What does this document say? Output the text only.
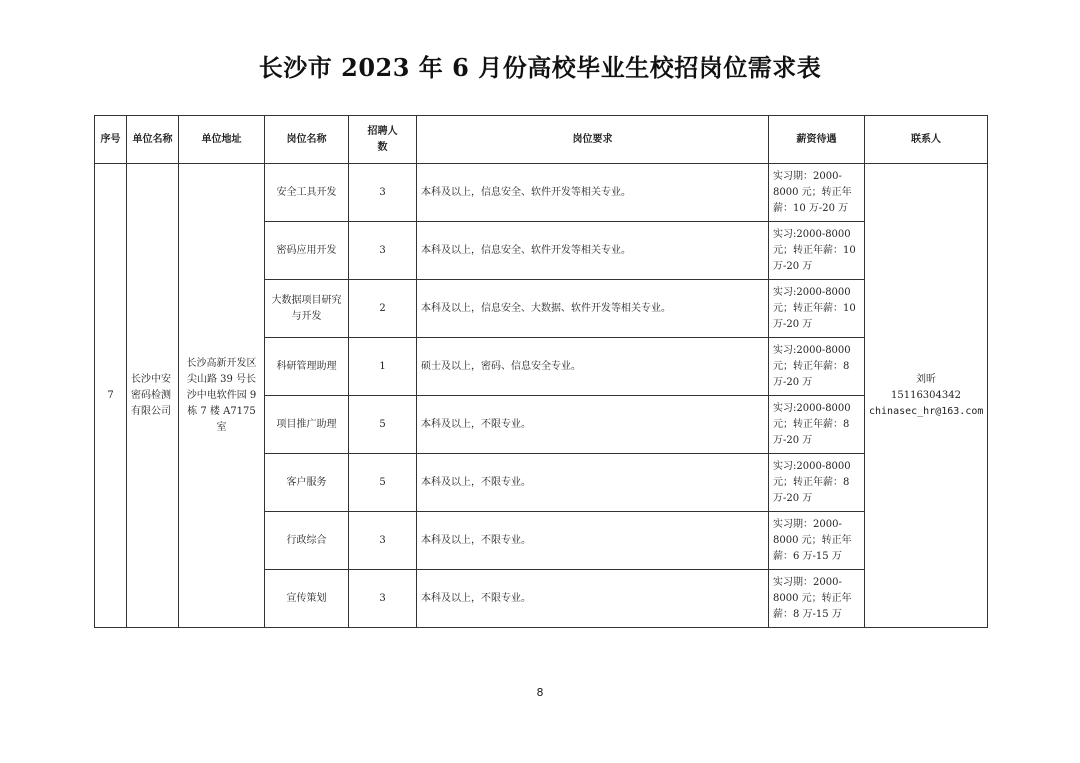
长沙市 2023 年 6 月份高校毕业生校招岗位需求表
序号	单位名称	单位地址	岗位名称	招聘人数	岗位要求	薪资待遇	联系人
7	长沙中安密码检测有限公司	长沙高新开发区尖山路 39 号长沙中电软件园 9 栋 7 楼 A7175 室	安全工具开发	3	本科及以上，信息安全、软件开发等相关专业。	实习期：2000-8000 元；转正年薪：10 万-20 万	刘昕
15116304342
chinasec_hr@163.com

			密码应用开发	3	本科及以上，信息安全、软件开发等相关专业。	实习:2000-8000 元；转正年薪：10 万-20 万	
			大数据项目研究与开发	2	本科及以上，信息安全、大数据、软件开发等相关专业。	实习:2000-8000 元；转正年薪：10 万-20 万	
			科研管理助理	1	硕士及以上，密码、信息安全专业。	实习:2000-8000 元；转正年薪：8 万-20 万	
			项目推广助理	5	本科及以上，不限专业。	实习:2000-8000 元；转正年薪：8 万-20 万	
			客户服务	5	本科及以上，不限专业。	实习:2000-8000 元；转正年薪：8 万-20 万	
			行政综合	3	本科及以上，不限专业。	实习期：2000-8000 元；转正年薪：6 万-15 万	
			宣传策划	3	本科及以上，不限专业。	实习期：2000-8000 元；转正年薪：8 万-15 万	
8
